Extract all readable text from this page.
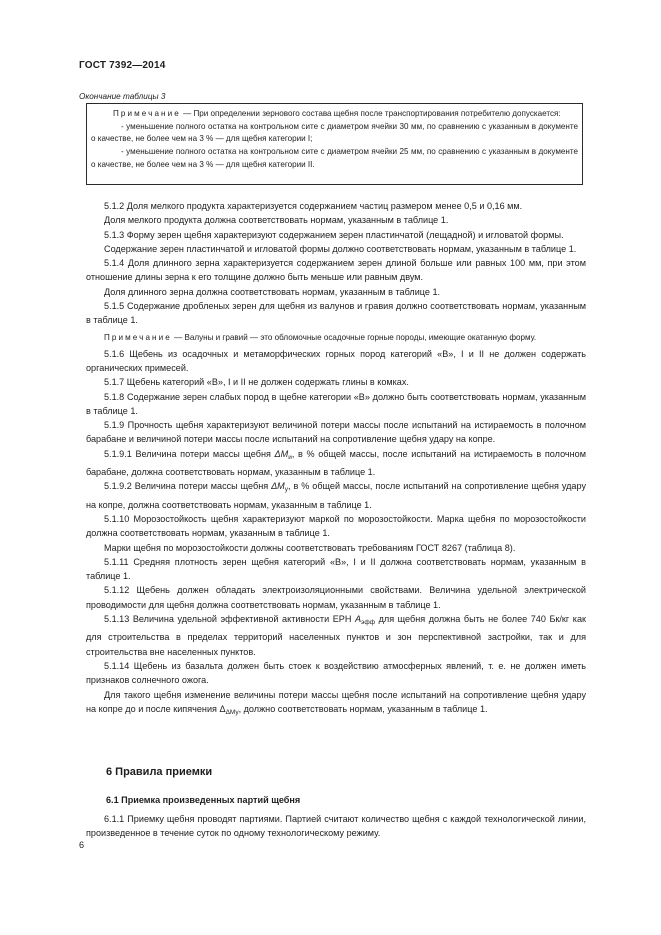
ГОСТ 7392—2014
Окончание таблицы 3

Примечание — При определении зернового состава щебня после транспортирования потребителю допускается:

- уменьшение полного остатка на контрольном сите с диаметром ячейки 30 мм, по сравнению с указанным в документе о качестве, не более чем на 3 % — для щебня категории I;

- уменьшение полного остатка на контрольном сите с диаметром ячейки 25 мм, по сравнению с указанным в документе о качестве, не более чем на 3 % — для щебня категории II.

5.1.2 Доля мелкого продукта характеризуется содержанием частиц размером менее 0,5 и 0,16 мм.

Доля мелкого продукта должна соответствовать нормам, указанным в таблице 1.

5.1.3 Форму зерен щебня характеризуют содержанием зерен пластинчатой (лещадной) и игловатой формы.

Содержание зерен пластинчатой и игловатой формы должно соответствовать нормам, указанным в таблице 1.

5.1.4 Доля длинного зерна характеризуется содержанием зерен длиной больше или равных 100 мм, при этом отношение длины зерна к его толщине должно быть меньше или равным двум.

Доля длинного зерна должна соответствовать нормам, указанным в таблице 1.

5.1.5 Содержание дробленых зерен для щебня из валунов и гравия должно соответствовать нормам, указанным в таблице 1.

Примечание — Валуны и гравий — это обломочные осадочные горные породы, имеющие окатанную форму.

5.1.6 Щебень из осадочных и метаморфических горных пород категорий «В», I и II не должен содержать органических примесей.

5.1.7 Щебень категорий «В», I и II не должен содержать глины в комках.

5.1.8 Содержание зерен слабых пород в щебне категории «В» должно быть соответствовать нормам, указанным в таблице 1.

5.1.9 Прочность щебня характеризуют величиной потери массы после испытаний на истираемость в полочном барабане и величиной потери массы после испытаний на сопротивление щебня удару на копре.

5.1.9.1 Величина потери массы щебня $\Delta M_и$, в % общей массы, после испытаний на истираемость в полочном барабане, должна соответствовать нормам, указанным в таблице 1.

5.1.9.2 Величина потери массы щебня $\Delta M_у$, в % общей массы, после испытаний на сопротивление щебня удару на копре, должна соответствовать нормам, указанным в таблице 1.

5.1.10 Морозостойкость щебня характеризуют маркой по морозостойкости. Марка щебня по морозостойкости должна соответствовать нормам, указанным в таблице 1.

Марки щебня по морозостойкости должны соответствовать требованиям ГОСТ 8267 (таблица 8).

5.1.11 Средняя плотность зерен щебня категорий «В», I и II должна соответствовать нормам, указанным в таблице 1.

5.1.12 Щебень должен обладать электроизоляционными свойствами. Величина удельной электрической проводимости для щебня должна соответствовать нормам, указанным в таблице 1.

5.1.13 Величина удельной эффективной активности ЕРН $A_{эфф}$ для щебня должна быть не более 740 Бк/кг как для строительства в пределах территорий населенных пунктов и зон перспективной застройки, так и для строительства вне населенных пунктов.

5.1.14 Щебень из базальта должен быть стоек к воздействию атмосферных явлений, т. е. не должен иметь признаков солнечного ожога.

Для такого щебня изменение величины потери массы щебня после испытаний на сопротивление щебня удару на копре до и после кипячения $\Delta_{\Delta Mу}$, должно соответствовать нормам, указанным в таблице 1.

6 Правила приемки
6.1 Приемка произведенных партий щебня

6.1.1 Приемку щебня проводят партиями. Партией считают количество щебня с каждой технологической линии, произведенное в течение суток по одному технологическому режиму.

6
